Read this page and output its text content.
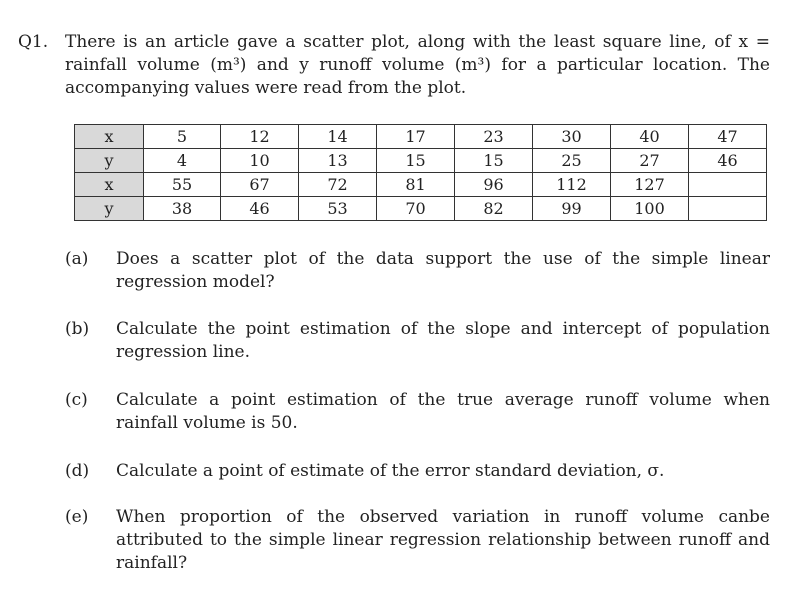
Q1. There is an article gave a scatter plot, along with the least square line, of x = rainfall volume (m³) and y runoff volume (m³) for a particular location. The accompanying values were read from the plot.
x	5	12	14	17	23	30	40	47
y	4	10	13	15	15	25	27	46
x	55	67	72	81	96	112	127	
y	38	46	53	70	82	99	100	
(a) Does a scatter plot of the data support the use of the simple linear regression model?
(b) Calculate the point estimation of the slope and intercept of population regression line.
(c) Calculate a point estimation of the true average runoff volume when rainfall volume is 50.
(d) Calculate a point of estimate of the error standard deviation, σ.
(e) When proportion of the observed variation in runoff volume canbe attributed to the simple linear regression relationship between runoff and rainfall?
